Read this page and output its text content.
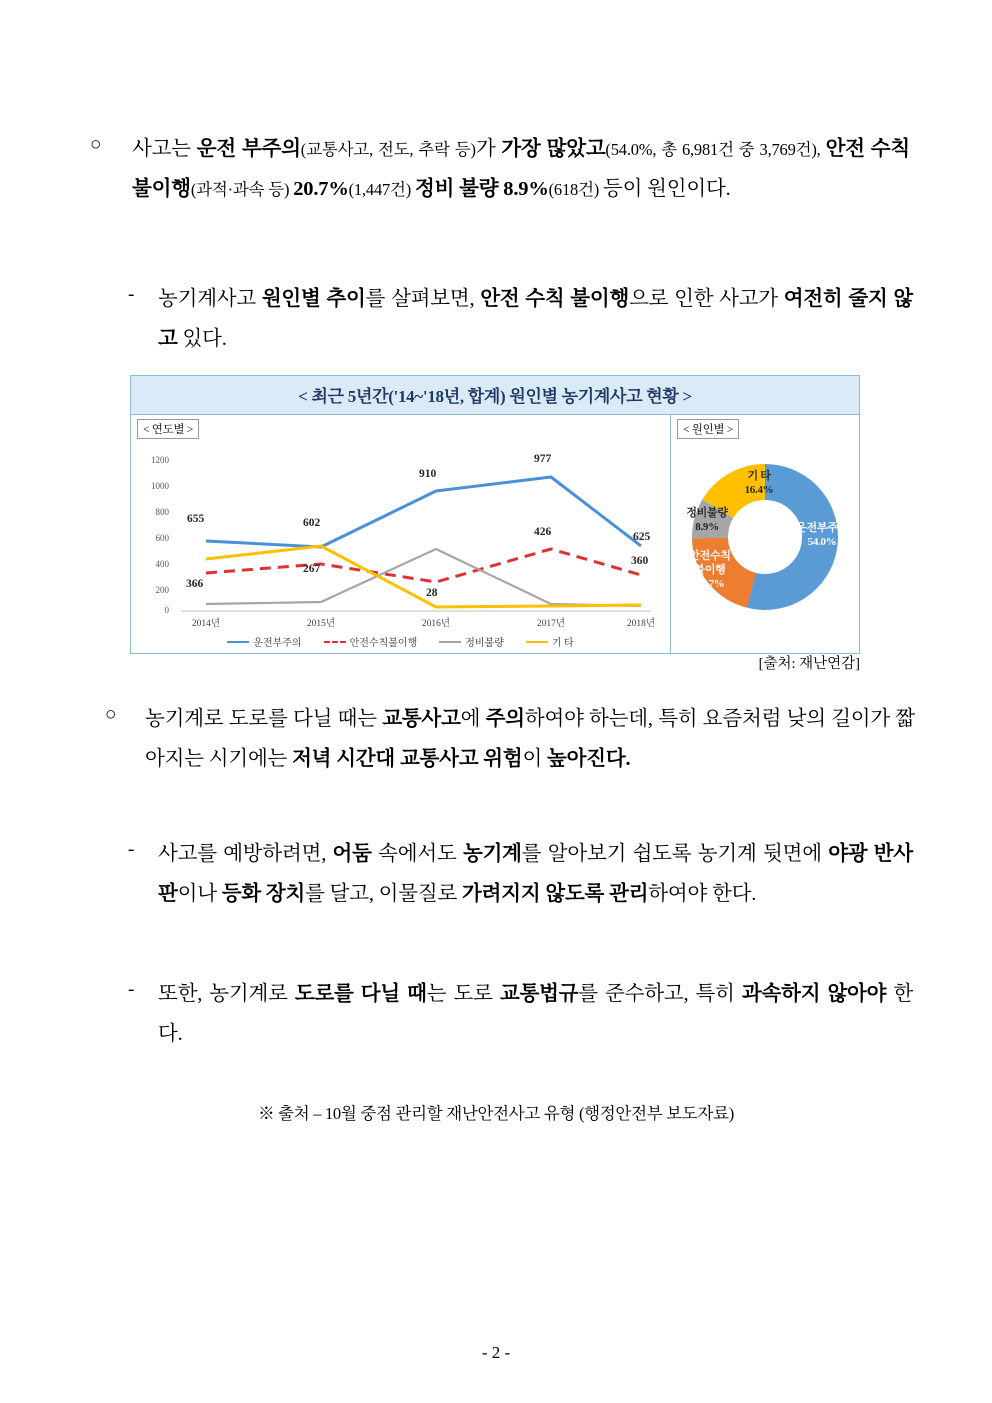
○ 사고는 운전 부주의(교통사고, 전도, 추락 등)가 가장 많았고(54.0%, 총 6,981건 중 3,769건), 안전 수칙 불이행(과적·과속 등) 20.7%(1,447건) 정비 불량 8.9%(618건) 등이 원인이다.
- 농기계사고 원인별 추이를 살펴보면, 안전 수칙 불이행으로 인한 사고가 여전히 줄지 않고 있다.
< 최근 5년간('14~'18년, 합계) 원인별 농기계사고 현황 >
< 연도별 >
1200
1000
800
600
400
200
0
655	602
910
977
625
366
267
426
360
28
2014년	2015년	2016년	2017년	2018년
운전부주의	안전수칙불이행	정비불량	기 타
< 원인별 >
운전부주의
54.0%
안전수칙
불이행
20.7%
정비불량
8.9%
기 타
16.4%
[출처: 재난연감]
○ 농기계로 도로를 다닐 때는 교통사고에 주의하여야 하는데, 특히 요즘처럼 낮의 길이가 짧아지는 시기에는 저녁 시간대 교통사고 위험이 높아진다.
- 사고를 예방하려면, 어둠 속에서도 농기계를 알아보기 쉽도록 농기계 뒷면에 야광 반사판이나 등화 장치를 달고, 이물질로 가려지지 않도록 관리하여야 한다.
- 또한, 농기계로 도로를 다닐 때는 도로 교통법규를 준수하고, 특히 과속하지 않아야 한다.
※ 출처 – 10월 중점 관리할 재난안전사고 유형 (행정안전부 보도자료)
- 2 -
